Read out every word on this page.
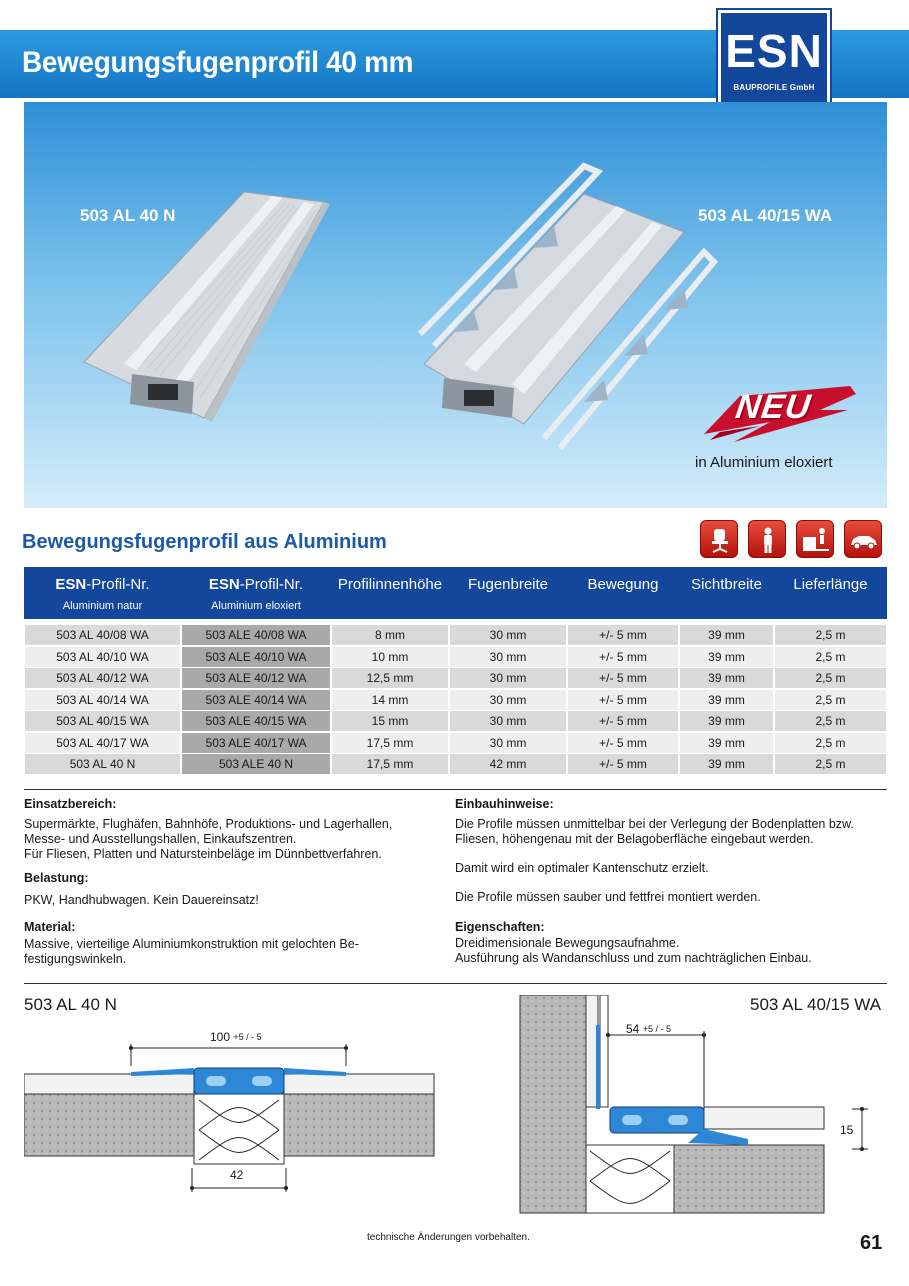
Bewegungsfugenprofil 40 mm	ESN
BAUPROFILE GmbH
503 AL 40 N	503 AL 40/15 WA
NEU
in Aluminium eloxiert
Bewegungsfugenprofil aus Aluminium
ESN-Profil-Nr.
Aluminium natur
ESN-Profil-Nr.
Aluminium eloxiert
Profilinnenhöhe	Fugenbreite	Bewegung	Sichtbreite	Lieferlänge
503 AL 40/08 WA	503 ALE 40/08 WA	8 mm	30 mm	+/- 5 mm	39 mm	2,5 m
503 AL 40/10 WA	503 ALE 40/10 WA	10 mm	30 mm	+/- 5 mm	39 mm	2,5 m
503 AL 40/12 WA	503 ALE 40/12 WA	12,5 mm	30 mm	+/- 5 mm	39 mm	2,5 m
503 AL 40/14 WA	503 ALE 40/14 WA	14 mm	30 mm	+/- 5 mm	39 mm	2,5 m
503 AL 40/15 WA	503 ALE 40/15 WA	15 mm	30 mm	+/- 5 mm	39 mm	2,5 m
503 AL 40/17 WA	503 ALE 40/17 WA	17,5 mm	30 mm	+/- 5 mm	39 mm	2,5 m
503 AL 40 N	503 ALE 40 N	17,5 mm	42 mm	+/- 5 mm	39 mm	2,5 m
Einsatzbereich:
Supermärkte, Flughäfen, Bahnhöfe, Produktions- und Lagerhallen,
Messe- und Ausstellungshallen, Einkaufszentren.
Für Fliesen, Platten und Natursteinbeläge im Dünnbettverfahren.
Belastung:
PKW, Handhubwagen. Kein Dauereinsatz!
Material:
Massive, vierteilige Aluminiumkonstruktion mit gelochten Be-
festigungswinkeln.
Einbauhinweise:
Die Profile müssen unmittelbar bei der Verlegung der Bodenplatten bzw.
Fliesen, höhengenau mit der Belagoberfläche eingebaut werden.
Damit wird ein optimaler Kantenschutz erzielt.
Die Profile müssen sauber und fettfrei montiert werden.
Eigenschaften:
Dreidimensionale Bewegungsaufnahme.
Ausführung als Wandanschluss und zum nachträglichen Einbau.
503 AL 40 N	503 AL 40/15 WA
100 $^{+5 / - 5}$
42
54 $^{+5 / - 5}$
15
technische Änderungen vorbehalten.	61
